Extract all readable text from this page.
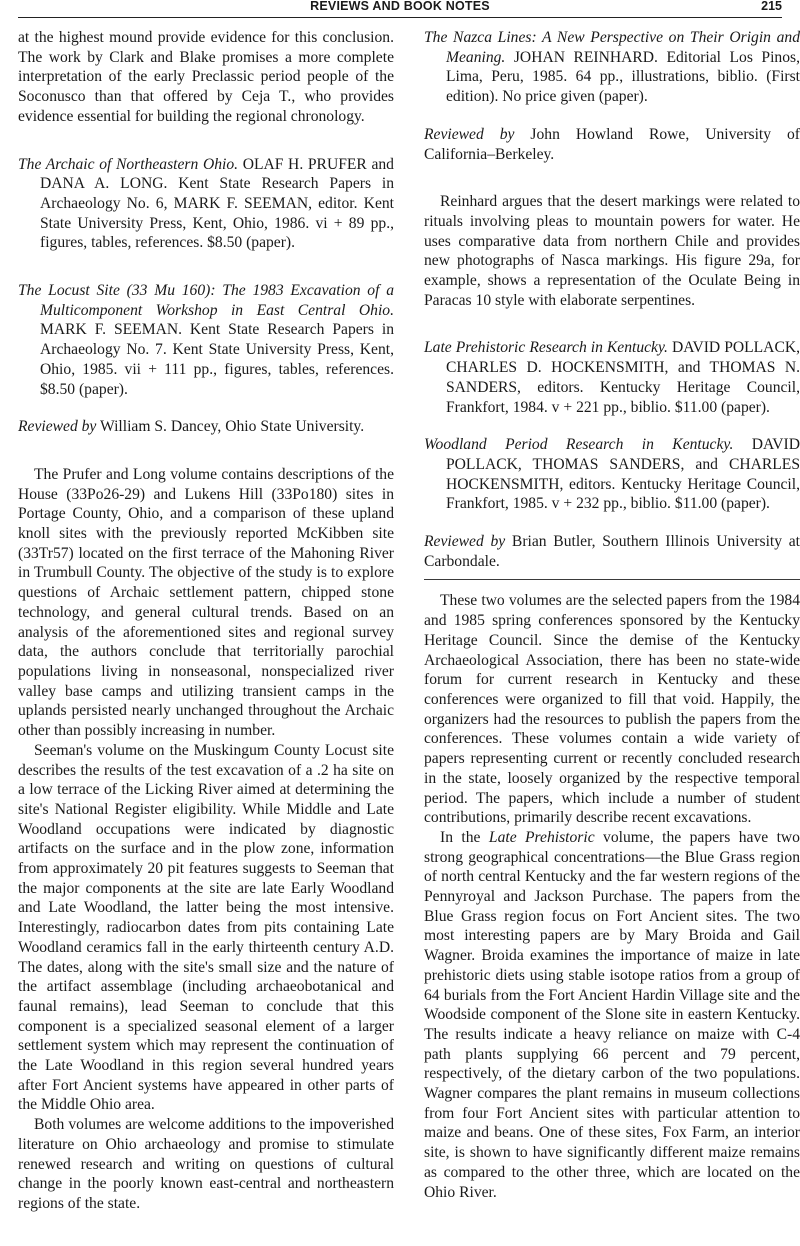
REVIEWS AND BOOK NOTES	215

at the highest mound provide evidence for this conclusion. The work by Clark and Blake promises a more complete interpretation of the early Preclassic period people of the Soconusco than that offered by Ceja T., who provides evidence essential for building the regional chronology.

The Archaic of Northeastern Ohio. OLAF H. PRUFER and DANA A. LONG. Kent State Research Papers in Archaeology No. 6, MARK F. SEEMAN, editor. Kent State University Press, Kent, Ohio, 1986. vi + 89 pp., figures, tables, references. $8.50 (paper).

The Locust Site (33 Mu 160): The 1983 Excavation of a Multicomponent Workshop in East Central Ohio. MARK F. SEEMAN. Kent State Research Papers in Archaeology No. 7. Kent State University Press, Kent, Ohio, 1985. vii + 111 pp., figures, tables, references. $8.50 (paper).

Reviewed by William S. Dancey, Ohio State University.

The Prufer and Long volume contains descriptions of the House (33Po26-29) and Lukens Hill (33Po180) sites in Portage County, Ohio, and a comparison of these upland knoll sites with the previously reported McKibben site (33Tr57) located on the first terrace of the Mahoning River in Trumbull County. The objective of the study is to explore questions of Archaic settlement pattern, chipped stone technology, and general cultural trends. Based on an analysis of the aforementioned sites and regional survey data, the authors conclude that territorially parochial populations living in nonseasonal, nonspecialized river valley base camps and utilizing transient camps in the uplands persisted nearly unchanged throughout the Archaic other than possibly increasing in number.

Seeman's volume on the Muskingum County Locust site describes the results of the test excavation of a .2 ha site on a low terrace of the Licking River aimed at determining the site's National Register eligibility. While Middle and Late Woodland occupations were indicated by diagnostic artifacts on the surface and in the plow zone, information from approximately 20 pit features suggests to Seeman that the major components at the site are late Early Woodland and Late Woodland, the latter being the most intensive. Interestingly, radiocarbon dates from pits containing Late Woodland ceramics fall in the early thirteenth century A.D. The dates, along with the site's small size and the nature of the artifact assemblage (including archaeobotanical and faunal remains), lead Seeman to conclude that this component is a specialized seasonal element of a larger settlement system which may represent the continuation of the Late Woodland in this region several hundred years after Fort Ancient systems have appeared in other parts of the Middle Ohio area.

Both volumes are welcome additions to the impoverished literature on Ohio archaeology and promise to stimulate renewed research and writing on questions of cultural change in the poorly known east-central and northeastern regions of the state.

The Nazca Lines: A New Perspective on Their Origin and Meaning. JOHAN REINHARD. Editorial Los Pinos, Lima, Peru, 1985. 64 pp., illustrations, biblio. (First edition). No price given (paper).

Reviewed by John Howland Rowe, University of California–Berkeley.

Reinhard argues that the desert markings were related to rituals involving pleas to mountain powers for water. He uses comparative data from northern Chile and provides new photographs of Nasca markings. His figure 29a, for example, shows a representation of the Oculate Being in Paracas 10 style with elaborate serpentines.

Late Prehistoric Research in Kentucky. DAVID POLLACK, CHARLES D. HOCKENSMITH, and THOMAS N. SANDERS, editors. Kentucky Heritage Council, Frankfort, 1984. v + 221 pp., biblio. $11.00 (paper).

Woodland Period Research in Kentucky. DAVID POLLACK, THOMAS SANDERS, and CHARLES HOCKENSMITH, editors. Kentucky Heritage Council, Frankfort, 1985. v + 232 pp., biblio. $11.00 (paper).

Reviewed by Brian Butler, Southern Illinois University at Carbondale.

These two volumes are the selected papers from the 1984 and 1985 spring conferences sponsored by the Kentucky Heritage Council. Since the demise of the Kentucky Archaeological Association, there has been no state-wide forum for current research in Kentucky and these conferences were organized to fill that void. Happily, the organizers had the resources to publish the papers from the conferences. These volumes contain a wide variety of papers representing current or recently concluded research in the state, loosely organized by the respective temporal period. The papers, which include a number of student contributions, primarily describe recent excavations.

In the Late Prehistoric volume, the papers have two strong geographical concentrations—the Blue Grass region of north central Kentucky and the far western regions of the Pennyroyal and Jackson Purchase. The papers from the Blue Grass region focus on Fort Ancient sites. The two most interesting papers are by Mary Broida and Gail Wagner. Broida examines the importance of maize in late prehistoric diets using stable isotope ratios from a group of 64 burials from the Fort Ancient Hardin Village site and the Woodside component of the Slone site in eastern Kentucky. The results indicate a heavy reliance on maize with C-4 path plants supplying 66 percent and 79 percent, respectively, of the dietary carbon of the two populations. Wagner compares the plant remains in museum collections from four Fort Ancient sites with particular attention to maize and beans. One of these sites, Fox Farm, an interior site, is shown to have significantly different maize remains as compared to the other three, which are located on the Ohio River.
